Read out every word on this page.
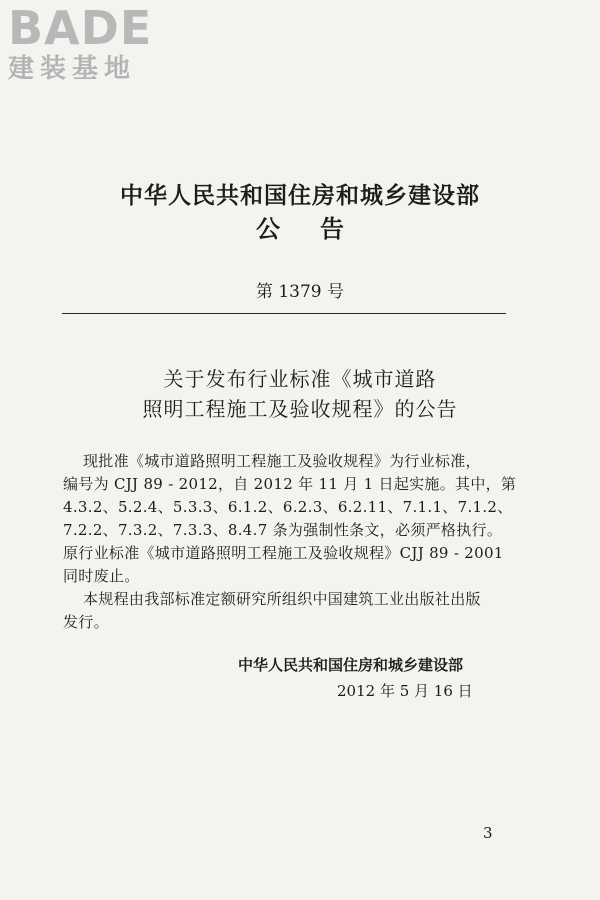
BADE
建装基地
中华人民共和国住房和城乡建设部
公告
第 1379 号
关于发布行业标准《城市道路
照明工程施工及验收规程》的公告
现批准《城市道路照明工程施工及验收规程》为行业标准，
编号为 CJJ 89 - 2012，自 2012 年 11 月 1 日起实施。其中，第
4.3.2、5.2.4、5.3.3、6.1.2、6.2.3、6.2.11、7.1.1、7.1.2、
7.2.2、7.3.2、7.3.3、8.4.7 条为强制性条文，必须严格执行。
原行业标准《城市道路照明工程施工及验收规程》CJJ 89 - 2001
同时废止。
本规程由我部标准定额研究所组织中国建筑工业出版社出版
发行。
中华人民共和国住房和城乡建设部
2012 年 5 月 16 日
3
